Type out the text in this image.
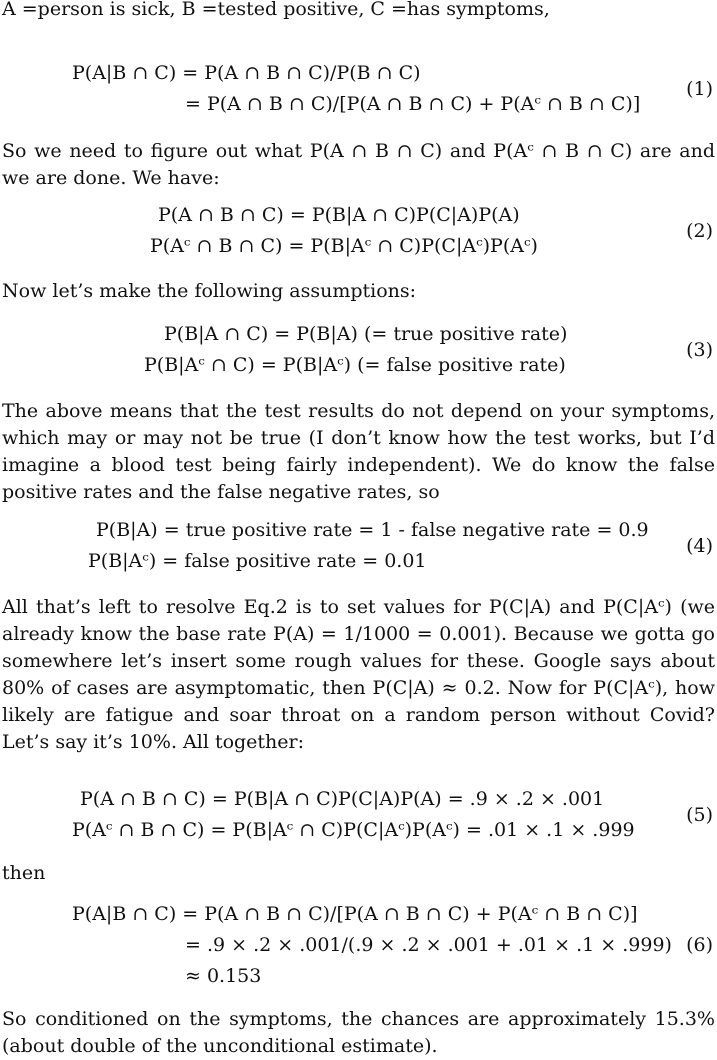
A =person is sick, B =tested positive, C =has symptoms,

P(A|B ∩ C) = P(A ∩ B ∩ C)/P(B ∩ C)
= P(A ∩ B ∩ C)/[P(A ∩ B ∩ C) + P(Aᶜ ∩ B ∩ C)]
(1)

So we need to figure out what P(A ∩ B ∩ C) and P(Aᶜ ∩ B ∩ C) are and we are done. We have:

P(A ∩ B ∩ C) = P(B|A ∩ C)P(C|A)P(A)
P(Aᶜ ∩ B ∩ C) = P(B|Aᶜ ∩ C)P(C|Aᶜ)P(Aᶜ)
(2)

Now let’s make the following assumptions:

P(B|A ∩ C) = P(B|A) (= true positive rate)
P(B|Aᶜ ∩ C) = P(B|Aᶜ) (= false positive rate)
(3)

The above means that the test results do not depend on your symptoms, which may or may not be true (I don’t know how the test works, but I’d imagine a blood test being fairly independent). We do know the false positive rates and the false negative rates, so

P(B|A) = true positive rate = 1 - false negative rate = 0.9
P(B|Aᶜ) = false positive rate = 0.01
(4)

All that’s left to resolve Eq.2 is to set values for P(C|A) and P(C|Aᶜ) (we already know the base rate P(A) = 1/1000 = 0.001). Because we gotta go somewhere let’s insert some rough values for these. Google says about 80% of cases are asymptomatic, then P(C|A) ≈ 0.2. Now for P(C|Aᶜ), how likely are fatigue and soar throat on a random person without Covid? Let’s say it’s 10%. All together:

P(A ∩ B ∩ C) = P(B|A ∩ C)P(C|A)P(A) = .9 × .2 × .001
P(Aᶜ ∩ B ∩ C) = P(B|Aᶜ ∩ C)P(C|Aᶜ)P(Aᶜ) = .01 × .1 × .999
(5)

then

P(A|B ∩ C) = P(A ∩ B ∩ C)/[P(A ∩ B ∩ C) + P(Aᶜ ∩ B ∩ C)]
= .9 × .2 × .001/(.9 × .2 × .001 + .01 × .1 × .999)
≈ 0.153
(6)

So conditioned on the symptoms, the chances are approximately 15.3% (about double of the unconditional estimate).
